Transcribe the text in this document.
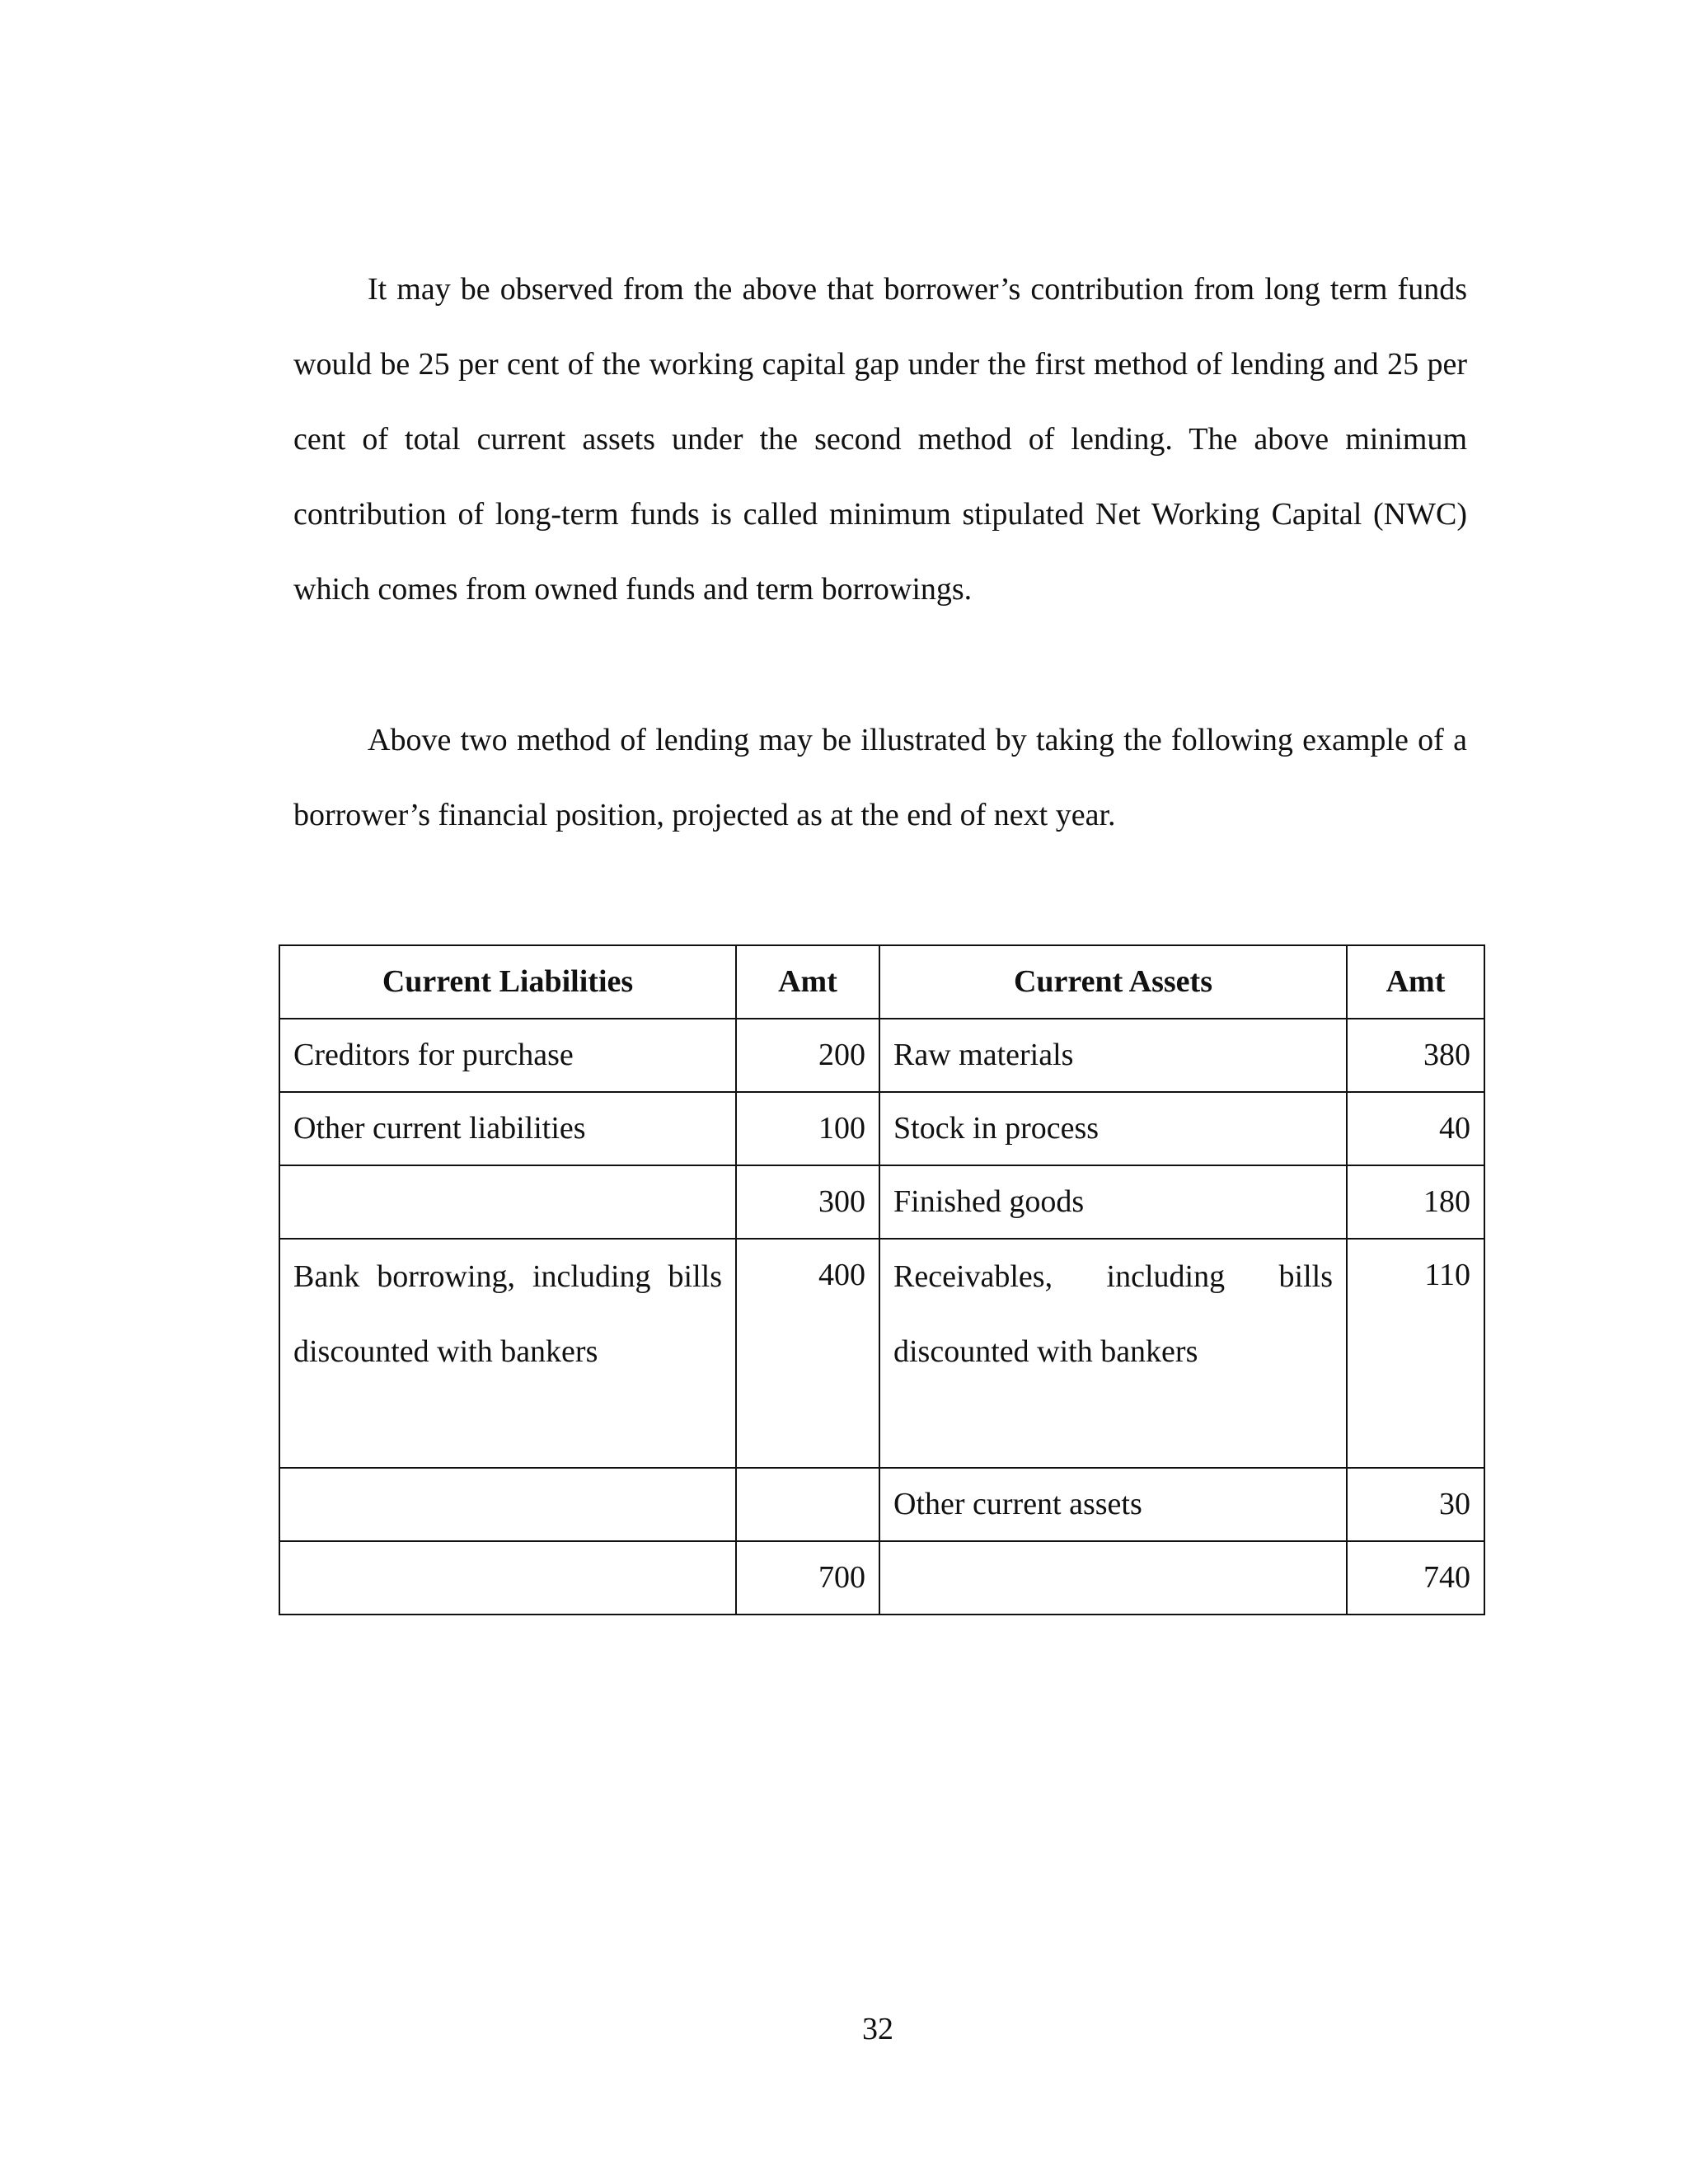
It may be observed from the above that borrower’s contribution from long term funds would be 25 per cent of the working capital gap under the first method of lending and 25 per cent of total current assets under the second method of lending. The above minimum contribution of long-term funds is called minimum stipulated Net Working Capital (NWC) which comes from owned funds and term borrowings.

Above two method of lending may be illustrated by taking the following example of a borrower’s financial position, projected as at the end of next year.

Current Liabilities	Amt	Current Assets	Amt
Creditors for purchase	200	Raw materials	380
Other current liabilities	100	Stock in process	40
	300	Finished goods	180
Bank borrowing, including bills discounted with bankers	400	Receivables, including bills discounted with bankers	110
		Other current assets	30
	700		740
32
